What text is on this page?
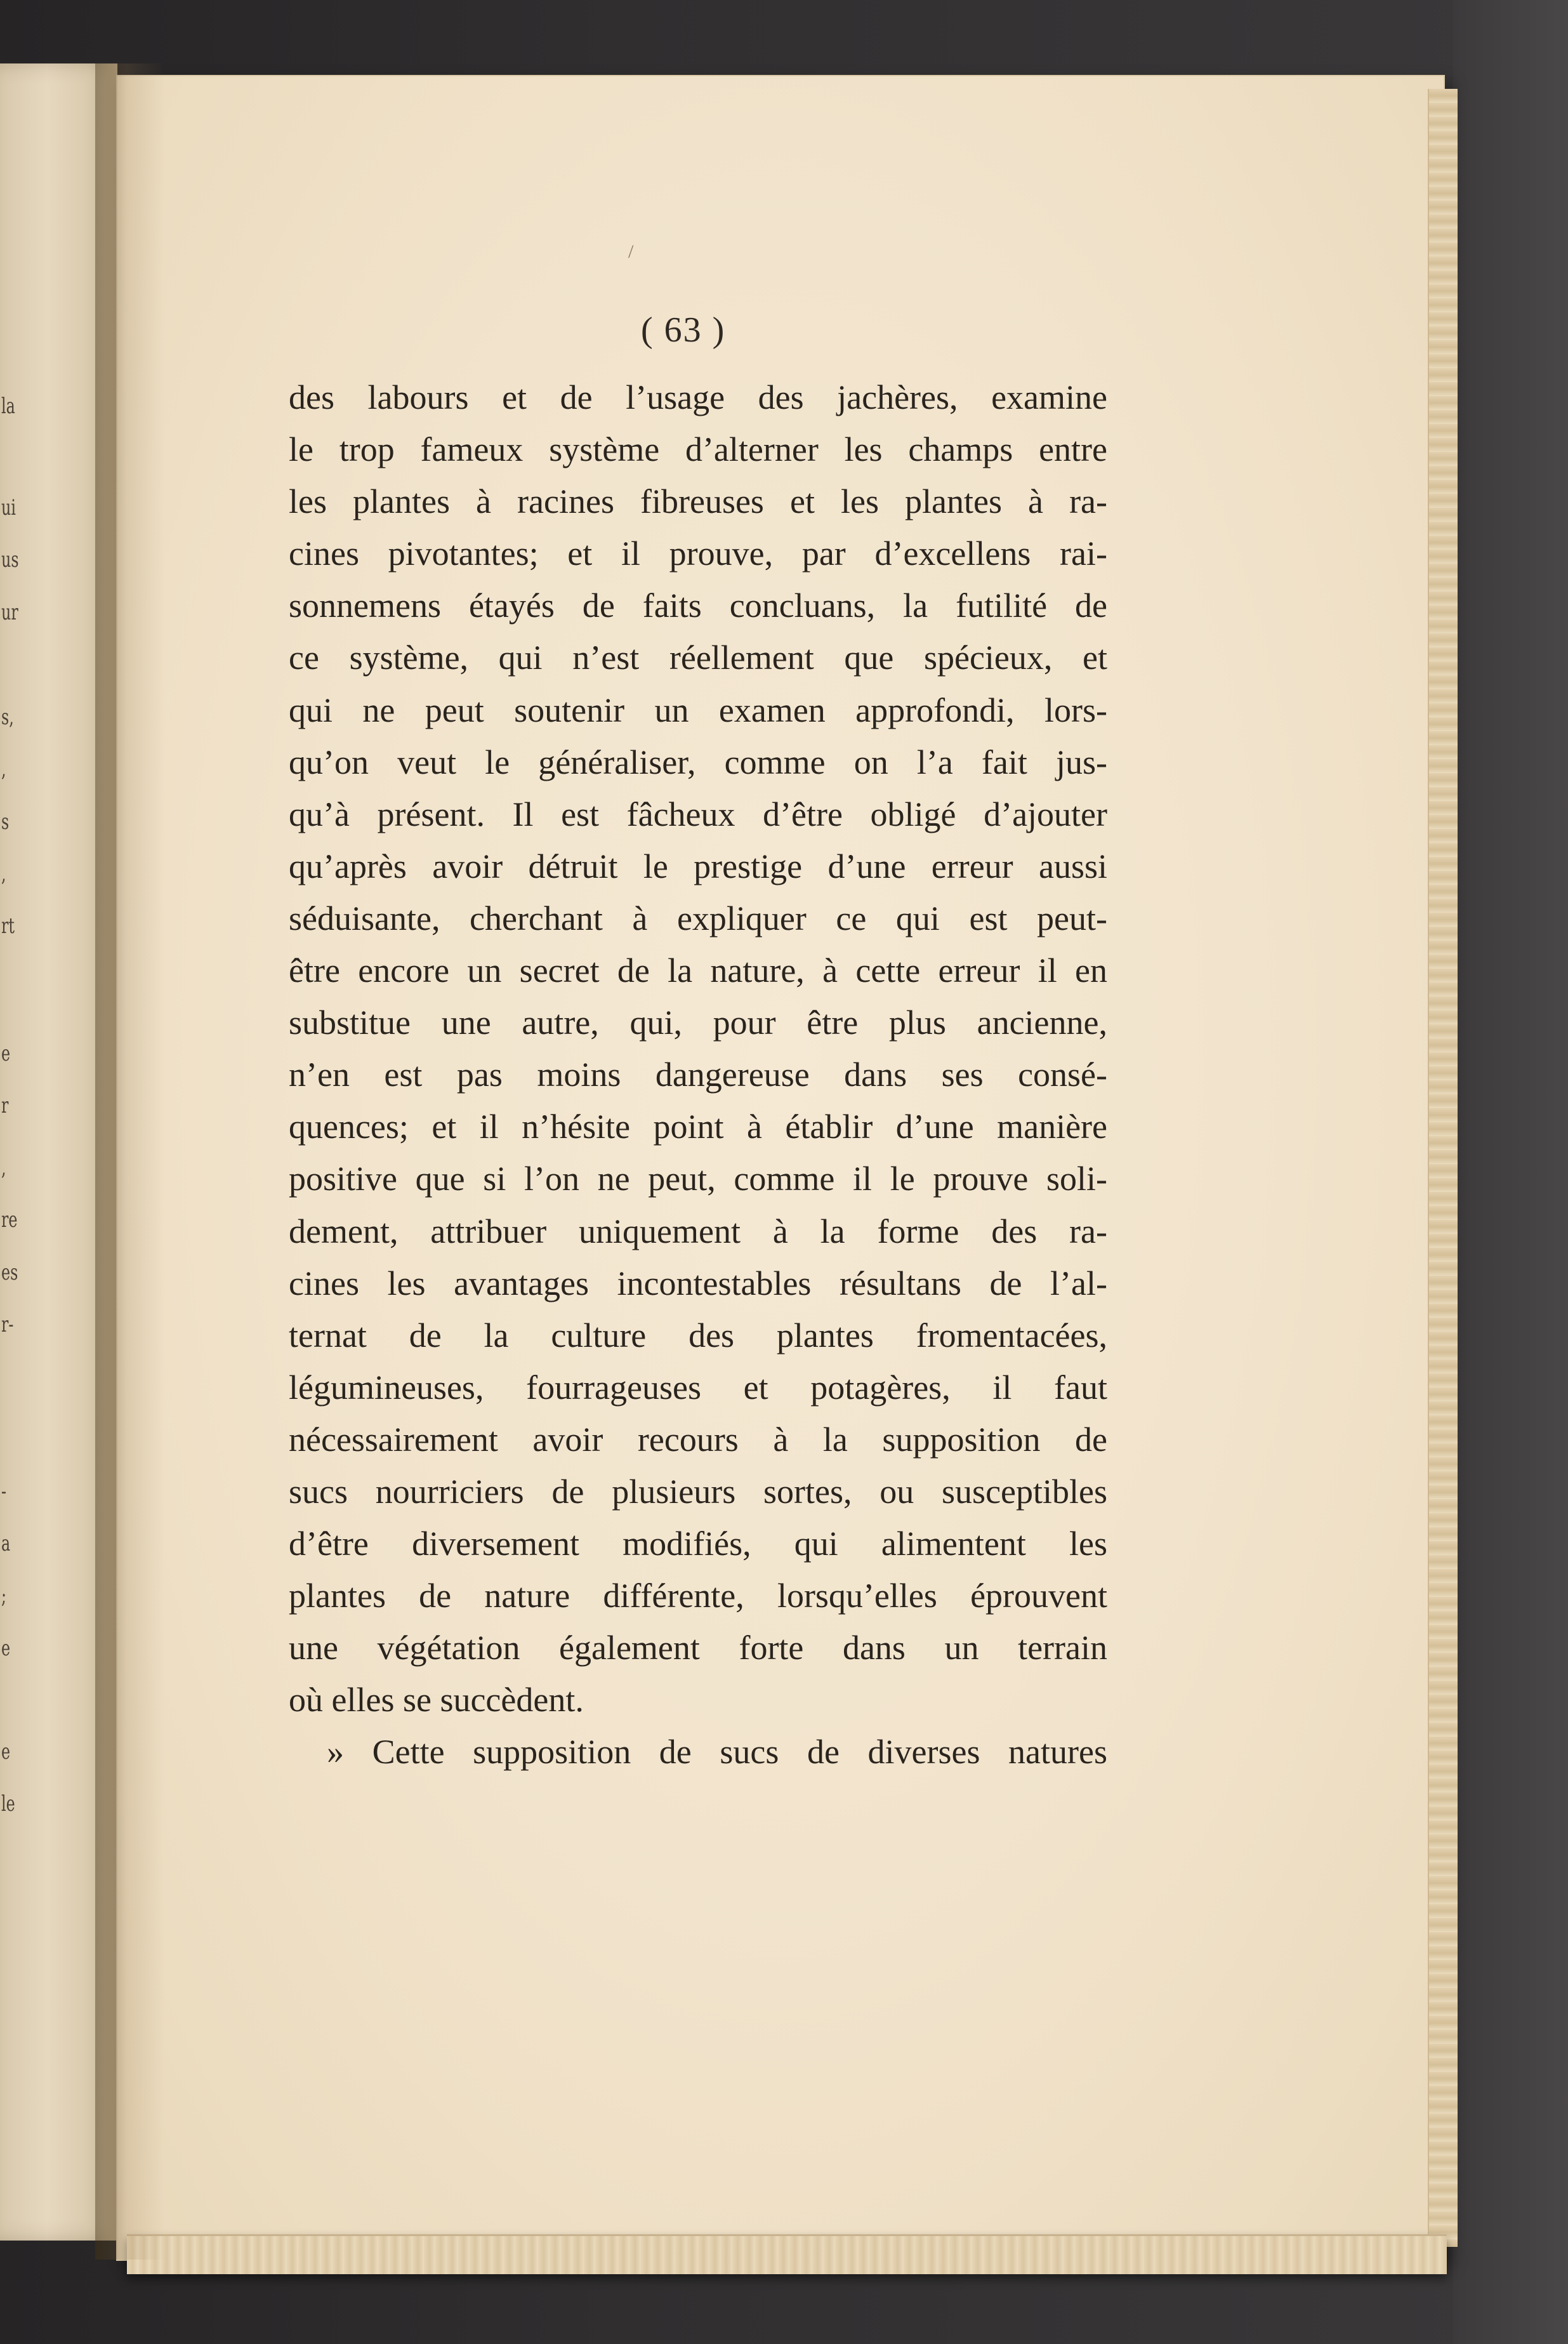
la
ui
us
ur
s,
,
s
,
rt
e
r
,
re
es
r-
-
a
;
e
e
le
/
( 63 )
des labours et de l’usage des jachères, examine
le trop fameux système d’alterner les champs entre
les plantes à racines fibreuses et les plantes à ra-
cines pivotantes; et il prouve, par d’excellens rai-
sonnemens étayés de faits concluans, la futilité de
ce système, qui n’est réellement que spécieux, et
qui ne peut soutenir un examen approfondi, lors-
qu’on veut le généraliser, comme on l’a fait jus-
qu’à présent. Il est fâcheux d’être obligé d’ajouter
qu’après avoir détruit le prestige d’une erreur aussi
séduisante, cherchant à expliquer ce qui est peut-
être encore un secret de la nature, à cette erreur il en
substitue une autre, qui, pour être plus ancienne,
n’en est pas moins dangereuse dans ses consé-
quences; et il n’hésite point à établir d’une manière
positive que si l’on ne peut, comme il le prouve soli-
dement, attribuer uniquement à la forme des ra-
cines les avantages incontestables résultans de l’al-
ternat de la culture des plantes fromentacées,
légumineuses, fourrageuses et potagères, il faut
nécessairement avoir recours à la supposition de
sucs nourriciers de plusieurs sortes, ou susceptibles
d’être diversement modifiés, qui alimentent les
plantes de nature différente, lorsqu’elles éprouvent
une végétation également forte dans un terrain
où elles se succèdent.
» Cette supposition de sucs de diverses natures
